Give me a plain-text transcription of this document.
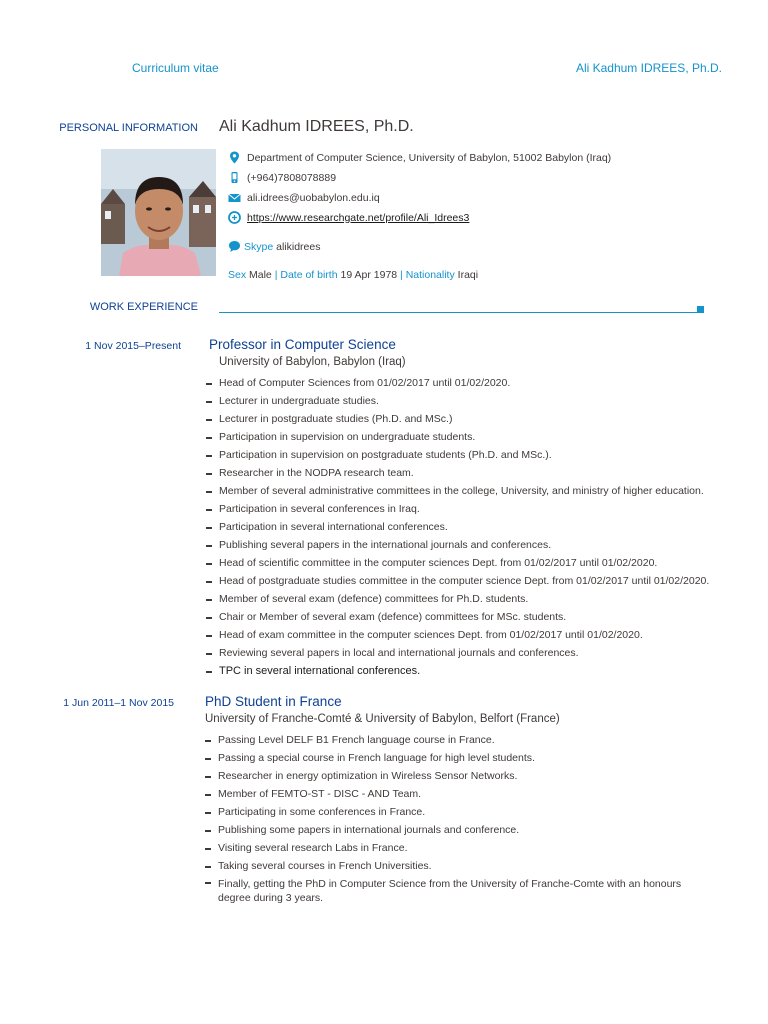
Curriculum vitae	Ali Kadhum IDREES, Ph.D.
PERSONAL INFORMATION Ali Kadhum IDREES, Ph.D.
Department of Computer Science, University of Babylon, 51002 Babylon (Iraq)
(+964)7808078889
ali.idrees@uobabylon.edu.iq
https://www.researchgate.net/profile/Ali_Idrees3
Skype
alikidrees
Sex Male | Date of birth 19 Apr 1978 | Nationality Iraqi
WORK EXPERIENCE
1 Nov 2015–Present Professor in Computer Science
University of Babylon, Babylon (Iraq)
Head of Computer Sciences from 01/02/2017 until 01/02/2020.
Lecturer in undergraduate studies.
Lecturer in postgraduate studies (Ph.D. and MSc.)
Participation in supervision on undergraduate students.
Participation in supervision on postgraduate students (Ph.D. and MSc.).
Researcher in the NODPA research team.
Member of several administrative committees in the college, University, and ministry of higher education.
Participation in several conferences in Iraq.
Participation in several international conferences.
Publishing several papers in the international journals and conferences.
Head of scientific committee in the computer sciences Dept. from 01/02/2017 until 01/02/2020.
Head of postgraduate studies committee in the computer science Dept. from 01/02/2017 until 01/02/2020.
Member of several exam (defence) committees for Ph.D. students.
Chair or Member of several exam (defence) committees for MSc. students.
Head of exam committee in the computer sciences Dept. from 01/02/2017 until 01/02/2020.
Reviewing several papers in local and international journals and conferences.
TPC in several international conferences.
1 Jun 2011–1 Nov 2015 PhD Student in France
University of Franche-Comté & University of Babylon, Belfort (France)
Passing Level DELF B1 French language course in France.
Passing a special course in French language for high level students.
Researcher in energy optimization in Wireless Sensor Networks.
Member of FEMTO-ST - DISC - AND Team.
Participating in some conferences in France.
Publishing some papers in international journals and conference.
Visiting several research Labs in France.
Taking several courses in French Universities.
Finally, getting the PhD in Computer Science from the University of Franche-Comte with an honours degree during 3 years.
